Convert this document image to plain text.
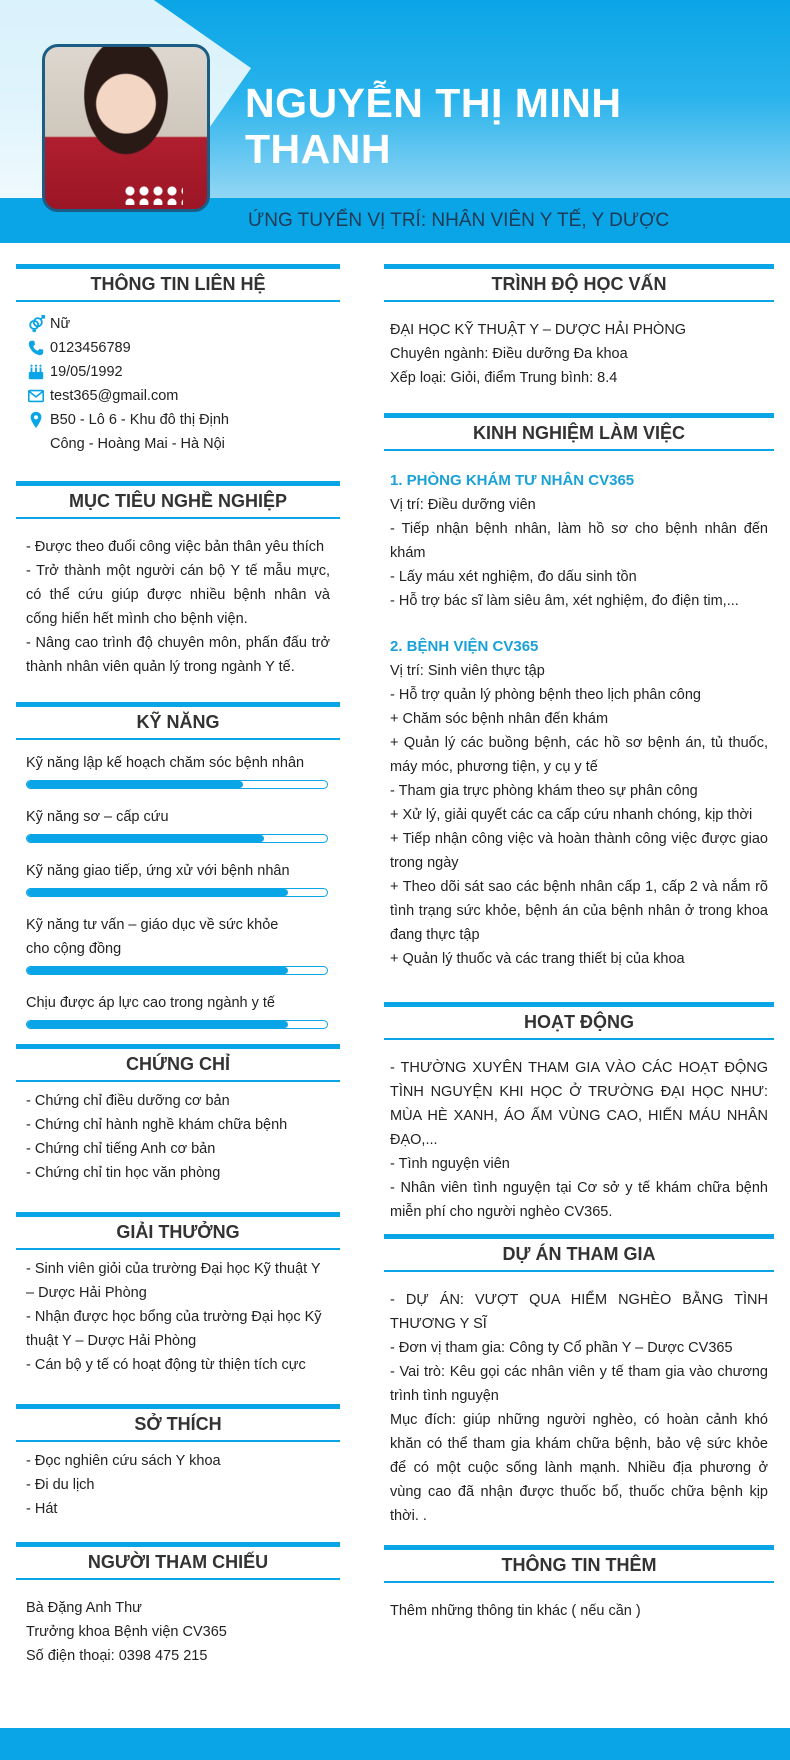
NGUYỄN THỊ MINH
THANH
ỨNG TUYỂN VỊ TRÍ: NHÂN VIÊN Y TẾ, Y DƯỢC
THÔNG TIN LIÊN HỆ
Nữ
0123456789
19/05/1992
test365@gmail.com
B50 - Lô 6 - Khu đô thị Định
Công - Hoàng Mai - Hà Nội
MỤC TIÊU NGHỀ NGHIỆP
- Được theo đuổi công việc bản thân yêu thích
- Trở thành một người cán bộ Y tế mẫu mực, có thể cứu giúp được nhiều bệnh nhân và cống hiến hết mình cho bệnh viện.
- Nâng cao trình độ chuyên môn, phấn đấu trở thành nhân viên quản lý trong ngành Y tế.
KỸ NĂNG
Kỹ năng lập kế hoạch chăm sóc bệnh nhân
Kỹ năng sơ – cấp cứu
Kỹ năng giao tiếp, ứng xử với bệnh nhân
Kỹ năng tư vấn – giáo dục về sức khỏe
cho cộng đồng
Chịu được áp lực cao trong ngành y tế
CHỨNG CHỈ
- Chứng chỉ điều dưỡng cơ bản
- Chứng chỉ hành nghề khám chữa bệnh
- Chứng chỉ tiếng Anh cơ bản
- Chứng chỉ tin học văn phòng
GIẢI THƯỞNG
- Sinh viên giỏi của trường Đại học Kỹ thuật Y – Dược Hải Phòng
- Nhận được học bổng của trường Đại học Kỹ thuật Y – Dược Hải Phòng
- Cán bộ y tế có hoạt động từ thiện tích cực
SỞ THÍCH
- Đọc nghiên cứu sách Y khoa
- Đi du lịch
- Hát
NGƯỜI THAM CHIẾU
Bà Đặng Anh Thư
Trưởng khoa Bệnh viện CV365
Số điện thoại: 0398 475 215
TRÌNH ĐỘ HỌC VẤN
ĐẠI HỌC KỸ THUẬT Y – DƯỢC HẢI PHÒNG
Chuyên ngành: Điều dưỡng Đa khoa
Xếp loại: Giỏi, điểm Trung bình: 8.4
KINH NGHIỆM LÀM VIỆC
1. PHÒNG KHÁM TƯ NHÂN CV365
Vị trí: Điều dưỡng viên
- Tiếp nhận bệnh nhân, làm hồ sơ cho bệnh nhân đến khám
- Lấy máu xét nghiệm, đo dấu sinh tồn
- Hỗ trợ bác sĩ làm siêu âm, xét nghiệm, đo điện tim,...
2. BỆNH VIỆN CV365
Vị trí: Sinh viên thực tập
- Hỗ trợ quản lý phòng bệnh theo lịch phân công
+ Chăm sóc bệnh nhân đến khám
+ Quản lý các buồng bệnh, các hồ sơ bệnh án, tủ thuốc, máy móc, phương tiện, y cụ y tế
- Tham gia trực phòng khám theo sự phân công
+ Xử lý, giải quyết các ca cấp cứu nhanh chóng, kịp thời
+ Tiếp nhận công việc và hoàn thành công việc được giao trong ngày
+ Theo dõi sát sao các bệnh nhân cấp 1, cấp 2 và nắm rõ tình trạng sức khỏe, bệnh án của bệnh nhân ở trong khoa đang thực tập
+ Quản lý thuốc và các trang thiết bị của khoa
HOẠT ĐỘNG
- THƯỜNG XUYÊN THAM GIA VÀO CÁC HOẠT ĐỘNG TÌNH NGUYỆN KHI HỌC Ở TRƯỜNG ĐẠI HỌC NHƯ: MÙA HÈ XANH, ÁO ẤM VÙNG CAO, HIẾN MÁU NHÂN ĐẠO,...
- Tình nguyện viên
- Nhân viên tình nguyện tại Cơ sở y tế khám chữa bệnh miễn phí cho người nghèo CV365.
DỰ ÁN THAM GIA
- DỰ ÁN: VƯỢT QUA HIỂM NGHÈO BẰNG TÌNH THƯƠNG Y SĨ
- Đơn vị tham gia: Công ty Cổ phần Y – Dược CV365
- Vai trò: Kêu gọi các nhân viên y tế tham gia vào chương trình tình nguyện
Mục đích: giúp những người nghèo, có hoàn cảnh khó khăn có thể tham gia khám chữa bệnh, bảo vệ sức khỏe để có một cuộc sống lành mạnh. Nhiều địa phương ở vùng cao đã nhận được thuốc bổ, thuốc chữa bệnh kịp thời. .
THÔNG TIN THÊM
Thêm những thông tin khác ( nếu cần )
